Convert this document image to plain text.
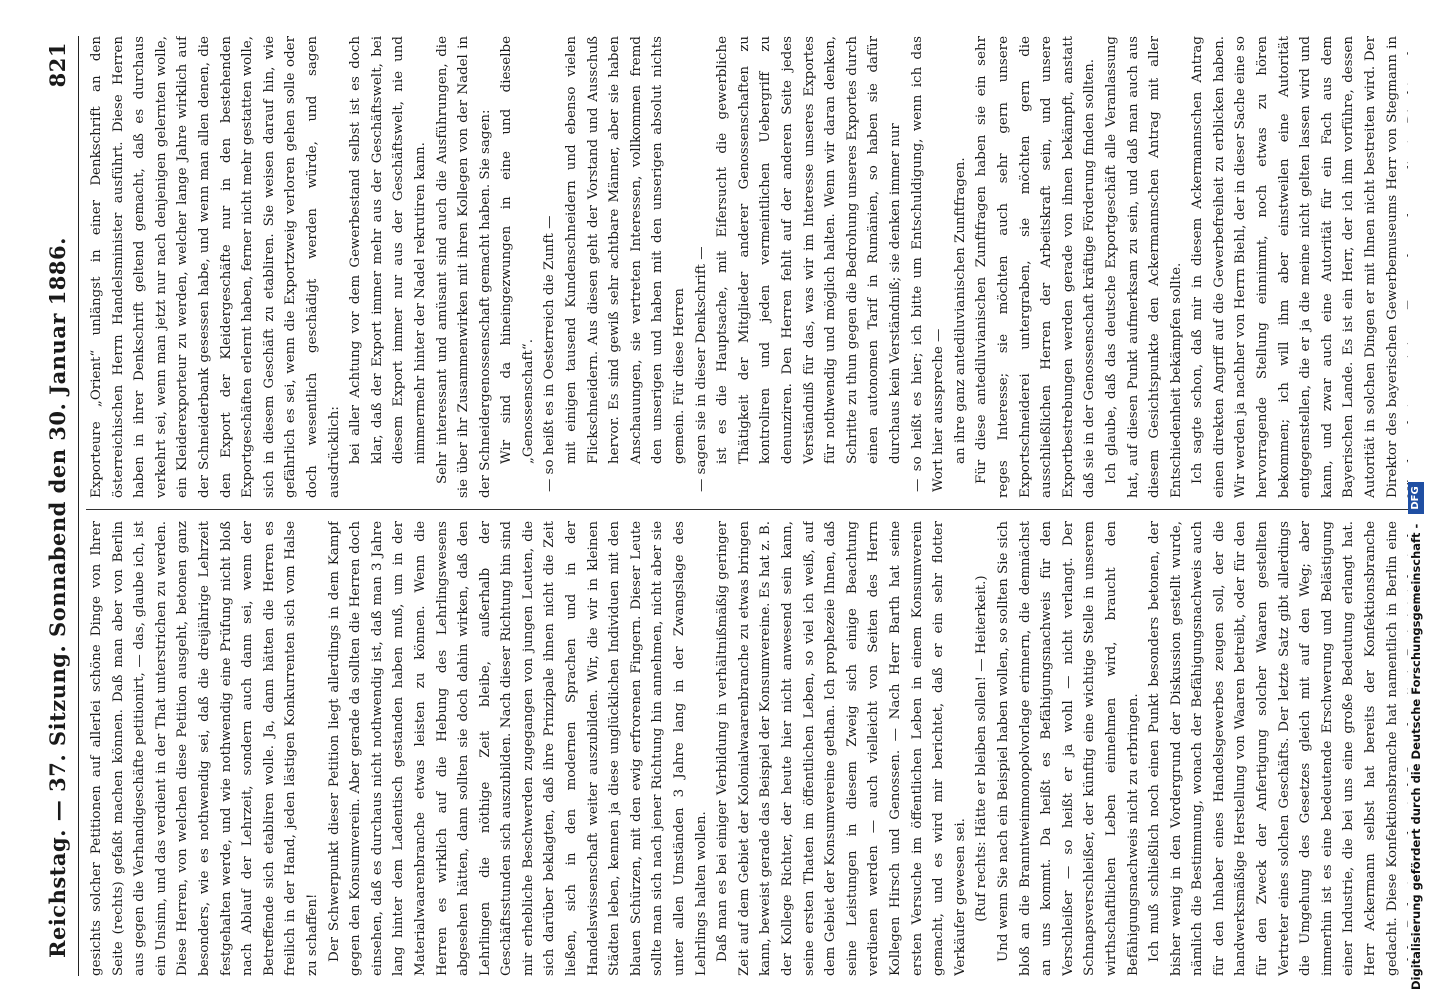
Reichstag. — 37. Sitzung. Sonnabend den 30. Januar 1886.
821

gesichts solcher Petitionen auf allerlei schöne Dinge von Ihrer Seite (rechts) gefaßt machen können. Daß man aber von Berlin aus gegen die Verhandigeschäfte petitionirt, — das, glaube ich, ist ein Unsinn, und das verdient in der That unterstrichen zu werden. Diese Herren, von welchen diese Petition ausgeht, betonen ganz besonders, wie es nothwendig sei, daß die dreijährige Lehrzeit festgehalten werde, und wie nothwendig eine Prüfung nicht bloß nach Ablauf der Lehrzeit, sondern auch dann sei, wenn der Betreffende sich etabliren wolle. Ja, dann hätten die Herren es freilich in der Hand, jeden lästigen Konkurrenten sich vom Halse zu schaffen! Der Schwerpunkt dieser Petition liegt allerdings in dem Kampf gegen den Konsumverein. Aber gerade da sollten die Herren doch einsehen, daß es durchaus nicht nothwendig ist, daß man 3 Jahre lang hinter dem Ladentisch gestanden haben muß, um in der Materialwaarenbranche etwas leisten zu können. Wenn die Herren es wirklich auf die Hebung des Lehrlingswesens abgesehen hätten, dann sollten sie doch dahin wirken, daß den Lehrlingen die nöthige Zeit bleibe, außerhalb der Geschäftsstunden sich auszubilden. Nach dieser Richtung hin sind mir erhebliche Beschwerden zugegangen von jungen Leuten, die sich darüber beklagten, daß ihre Prinzipale ihnen nicht die Zeit ließen, sich in den modernen Sprachen und in der Handelswissenschaft weiter auszubilden. Wir, die wir in kleinen Städten leben, kennen ja diese unglücklichen Individuen mit den blauen Schürzen, mit den ewig erfrorenen Fingern. Dieser Leute sollte man sich nach jener Richtung hin annehmen, nicht aber sie unter allen Umständen 3 Jahre lang in der Zwangslage des Lehrlings halten wollen. Daß man es bei einiger Verbildung in verhältnißmäßig geringer Zeit auf dem Gebiet der Kolonialwaarenbranche zu etwas bringen kann, beweist gerade das Beispiel der Konsumvereine. Es hat z. B. der Kollege Richter, der heute hier nicht anwesend sein kann, seine ersten Thaten im öffentlichen Leben, so viel ich weiß, auf dem Gebiet der Konsumvereine gethan. Ich prophezeie Ihnen, daß seine Leistungen in diesem Zweig sich einige Beachtung verdienen werden — auch vielleicht von Seiten des Herrn Kollegen Hirsch und Genossen. — Nach Herr Barth hat seine ersten Versuche im öffentlichen Leben in einem Konsumverein gemacht, und es wird mir berichtet, daß er ein sehr flotter Verkäufer gewesen sei. (Ruf rechts: Hätte er bleiben sollen! — Heiterkeit.) Und wenn Sie nach ein Beispiel haben wollen, so sollten Sie sich bloß an die Branntweinmonopolvorlage erinnern, die demnächst an uns kommt. Da heißt es Befähigungsnachweis für den Verschleißer — so heißt er ja wohl — nicht verlangt. Der Schnapsverschleißer, der künftig eine wichtige Stelle in unserem wirthschaftlichen Leben einnehmen wird, braucht den Befähigungsnachweis nicht zu erbringen. Ich muß schließlich noch einen Punkt besonders betonen, der bisher wenig in den Vordergrund der Diskussion gestellt wurde, nämlich die Bestimmung, wonach der Befähigungsnachweis auch für den Inhaber eines Handelsgewerbes zeugen soll, der die handwerksmäßige Herstellung von Waaren betreibt, oder für den für den Zweck der Anfertigung solcher Waaren gestellten Vertreter eines solchen Geschäfts. Der letzte Satz gibt allerdings die Umgehung des Gesetzes gleich mit auf den Weg; aber immerhin ist es eine bedeutende Erschwerung und Belästigung einer Industrie, die bei uns eine große Bedeutung erlangt hat. Herr Ackermann selbst hat bereits der Konfektionsbranche gedacht. Diese Konfektionsbranche hat namentlich in Berlin eine

Exporteure „Orient“ unlängst in einer Denkschrift an den österreichischen Herrn Handelsminister ausführt. Diese Herren haben in ihrer Denkschrift geltend gemacht, daß es durchaus verkehrt sei, wenn man jetzt nur nach denjenigen gelernten wolle, ein Kleiderexporteur zu werden, welcher lange Jahre wirklich auf der Schneiderbank gesessen habe, und wenn man allen denen, die den Export der Kleidergeschäfte nur in den bestehenden Exportgeschäften erlernt haben, ferner nicht mehr gestatten wolle, sich in diesem Geschäft zu etabliren. Sie weisen darauf hin, wie gefährlich es sei, wenn die Exportzweig verloren gehen solle oder doch wesentlich geschädigt werden würde, und sagen ausdrücklich: bei aller Achtung vor dem Gewerbestand selbst ist es doch klar, daß der Export immer mehr aus der Geschäftswelt, bei diesem Export immer nur aus der Geschäftswelt, nie und nimmermehr hinter der Nadel rekrutiren kann. Sehr interessant und amüsant sind auch die Ausführungen, die sie über ihr Zusammenwirken mit ihren Kollegen von der Nadel in der Schneidergenossenschaft gemacht haben. Sie sagen: Wir sind da hineingezwungen in eine und dieselbe „Genossenschaft“. — so heißt es in Oesterreich die Zunft — mit einigen tausend Kundenschneidern und ebenso vielen Flickschneidern. Aus diesen geht der Vorstand und Ausschuß hervor. Es sind gewiß sehr achtbare Männer, aber sie haben Anschauungen, sie vertreten Interessen, vollkommen fremd den unserigen und haben mit den unserigen absolut nichts gemein. Für diese Herren — sagen sie in dieser Denkschrift — ist es die Hauptsache, mit Eifersucht die gewerbliche Thätigkeit der Mitglieder anderer Genossenschaften zu kontroliren und jeden vermeintlichen Uebergriff zu denunziren. Den Herren fehlt auf der anderen Seite jedes Verständniß für das, was wir im Interesse unseres Exportes für nothwendig und möglich halten. Wenn wir daran denken, Schritte zu thun gegen die Bedrohung unseres Exportes durch einen autonomen Tarif in Rumänien, so haben sie dafür durchaus kein Verständniß; sie denken immer nur — so heißt es hier; ich bitte um Entschuldigung, wenn ich das Wort hier ausspreche — an ihre ganz antediluvianischen Zunftfragen. Für diese antediluvianischen Zunftfragen haben sie ein sehr reges Interesse; sie möchten auch sehr gern unsere Exportschneiderei untergraben, sie möchten gern die ausschließlichen Herren der Arbeitskraft sein, und unsere Exportbestrebungen werden gerade von ihnen bekämpft, anstatt daß sie in der Genossenschaft kräftige Förderung finden sollten. Ich glaube, daß das deutsche Exportgeschäft alle Veranlassung hat, auf diesen Punkt aufmerksam zu sein, und daß man auch aus diesem Gesichtspunkte den Ackermannschen Antrag mit aller Entschiedenheit bekämpfen sollte. Ich sagte schon, daß mir in diesem Ackermannschen Antrag einen direkten Angriff auf die Gewerbefreiheit zu erblicken haben. Wir werden ja nachher von Herrn Biehl, der in dieser Sache eine so hervorragende Stellung einnimmt, noch etwas zu hören bekommen; ich will ihm aber einstweilen eine Autorität entgegenstellen, die er ja die meine nicht gelten lassen wird und kann, und zwar auch eine Autorität für ein Fach aus dem Bayerischen Lande. Es ist ein Herr, der ich ihm vorführe, dessen Autorität in solchen Dingen er mit Ihnen nicht bestreiten wird. Der Direktor des bayerischen Gewerbemuseums Herr von Stegmann in

Digitalisierung gefördert durch die Deutsche Forschungsgemeinschaft - DFG
